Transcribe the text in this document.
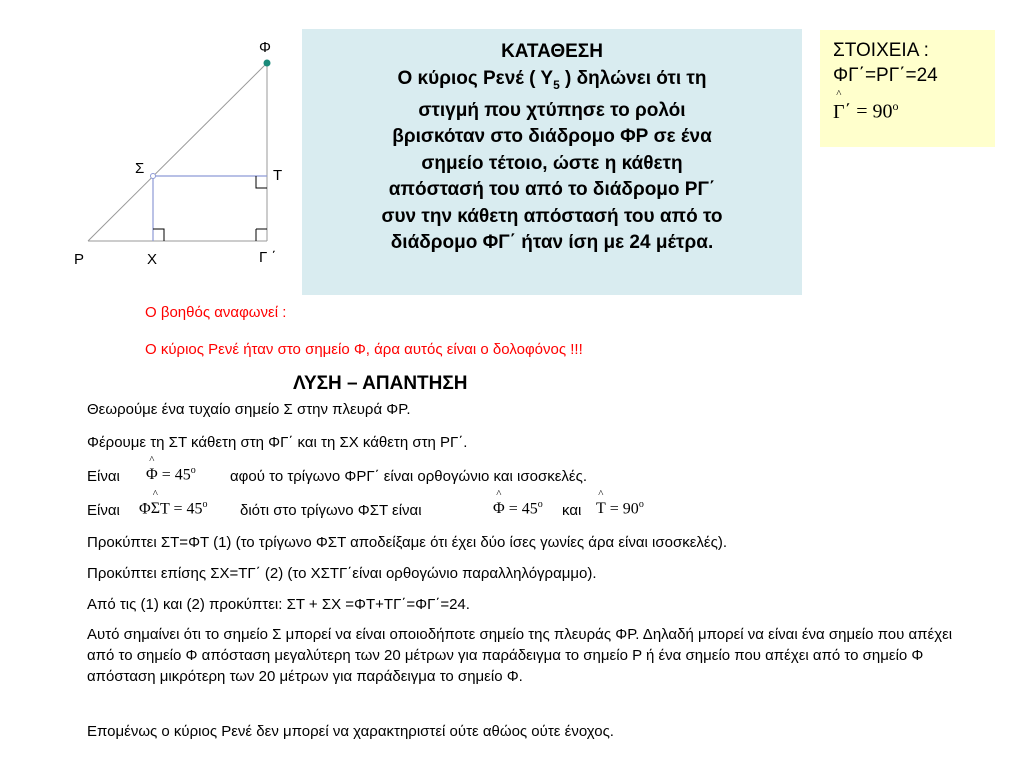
Φ
Σ	Τ
Ρ	Χ	Γ ΄
ΚΑΤΑΘΕΣΗ
Ο κύριος Ρενέ ( $\Upsilon_5$ ) δηλώνει ότι τη
στιγμή που χτύπησε το ρολόι
βρισκόταν στο διάδρομο ΦΡ σε ένα
σημείο τέτοιο, ώστε η κάθετη
απόστασή του από το διάδρομο ΡΓ΄
συν την κάθετη απόστασή του από το
διάδρομο ΦΓ΄ ήταν ίση με 24 μέτρα.
ΣΤΟΙΧΕΙΑ :
ΦΓ΄=ΡΓ΄=24
^
$\Gamma΄ = 90^o$
Ο βοηθός αναφωνεί :
Ο κύριος Ρενέ ήταν στο σημείο Φ, άρα αυτός είναι ο δολοφόνος !!!
ΛΥΣΗ – ΑΠΑΝΤΗΣΗ
Θεωρούμε ένα τυχαίο σημείο Σ στην πλευρά ΦΡ.
Φέρουμε τη ΣΤ κάθετη στη ΦΓ΄ και τη ΣΧ κάθετη στη ΡΓ΄.
Είναι
^
$\Phi = 45^o$ αφού το τρίγωνο ΦΡΓ΄ είναι ορθογώνιο και ισοσκελές.
Είναι Φ
^
$\Sigma T = 45^o$ διότι στο τρίγωνο ΦΣΤ είναι
^
$\Phi = 45^o$ και
^
$T = 90^o$
Προκύπτει ΣΤ=ΦΤ (1) (το τρίγωνο ΦΣΤ αποδείξαμε ότι έχει δύο ίσες γωνίες άρα είναι ισοσκελές).
Προκύπτει επίσης ΣΧ=ΤΓ΄ (2) (το ΧΣΤΓ΄είναι ορθογώνιο παραλληλόγραμμο).
Από τις (1) και (2) προκύπτει: ΣΤ + ΣΧ =ΦΤ+ΤΓ΄=ΦΓ΄=24.
Αυτό σημαίνει ότι το σημείο Σ μπορεί να είναι οποιοδήποτε σημείο της πλευράς ΦΡ. Δηλαδή μπορεί να είναι ένα σημείο που απέχει από το σημείο Φ απόσταση μεγαλύτερη των 20 μέτρων για παράδειγμα το σημείο Ρ ή ένα σημείο που απέχει από το σημείο Φ απόσταση μικρότερη των 20 μέτρων για παράδειγμα το σημείο Φ.
Επομένως ο κύριος Ρενέ δεν μπορεί να χαρακτηριστεί ούτε αθώος ούτε ένοχος.
